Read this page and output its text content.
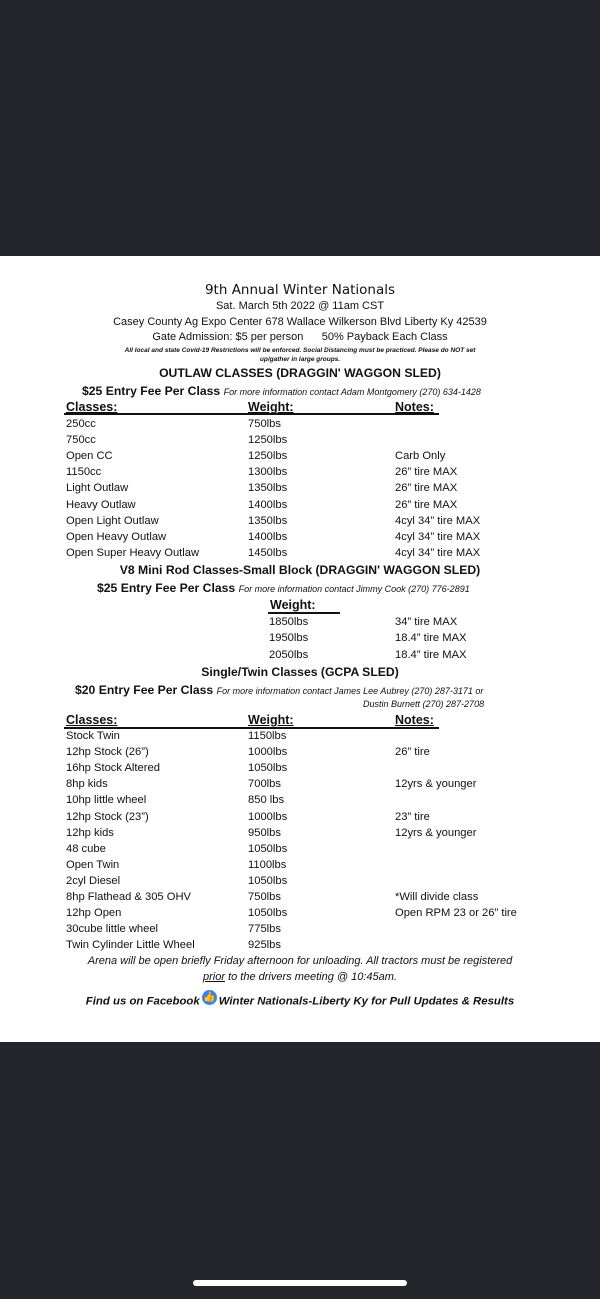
9th Annual Winter Nationals
Sat. March 5th 2022 @ 11am CST
Casey County Ag Expo Center 678 Wallace Wilkerson Blvd Liberty Ky 42539
Gate Admission: $5 per person 50% Payback Each Class
All local and state Covid-19 Restrictions will be enforced. Social Distancing must be practiced. Please do NOT set
up/gather in large groups.
OUTLAW CLASSES (DRAGGIN' WAGGON SLED)
$25 Entry Fee Per Class For more information contact Adam Montgomery (270) 634-1428
Classes:	Weight:	Notes:
250cc	750lbs
750cc	1250lbs
Open CC	1250lbs	Carb Only
1150cc	1300lbs	26” tire MAX
Light Outlaw	1350lbs	26” tire MAX
Heavy Outlaw	1400lbs	26” tire MAX
Open Light Outlaw	1350lbs	4cyl 34” tire MAX
Open Heavy Outlaw	1400lbs	4cyl 34” tire MAX
Open Super Heavy Outlaw	1450lbs	4cyl 34” tire MAX
V8 Mini Rod Classes-Small Block (DRAGGIN' WAGGON SLED)
$25 Entry Fee Per Class For more information contact Jimmy Cook (270) 776-2891
Weight:
1850lbs	34” tire MAX
1950lbs	18.4” tire MAX
2050lbs	18.4” tire MAX
Single/Twin Classes (GCPA SLED)
$20 Entry Fee Per Class For more information contact James Lee Aubrey (270) 287-3171 or
Dustin Burnett (270) 287-2708
Classes:	Weight:	Notes:
Stock Twin	1150lbs
12hp Stock (26”)	1000lbs	26” tire
16hp Stock Altered	1050lbs
8hp kids	700lbs	12yrs & younger
10hp little wheel	850 lbs
12hp Stock (23”)	1000lbs	23” tire
12hp kids	950lbs	12yrs & younger
48 cube	1050lbs
Open Twin	1100lbs
2cyl Diesel	1050lbs
8hp Flathead & 305 OHV	750lbs	*Will divide class
12hp Open	1050lbs	Open RPM 23 or 26” tire
30cube little wheel	775lbs
Twin Cylinder Little Wheel	925lbs
Arena will be open briefly Friday afternoon for unloading. All tractors must be registered
prior to the drivers meeting @ 10:45am.
Find us on Facebook 👍 Winter Nationals-Liberty Ky for Pull Updates & Results
